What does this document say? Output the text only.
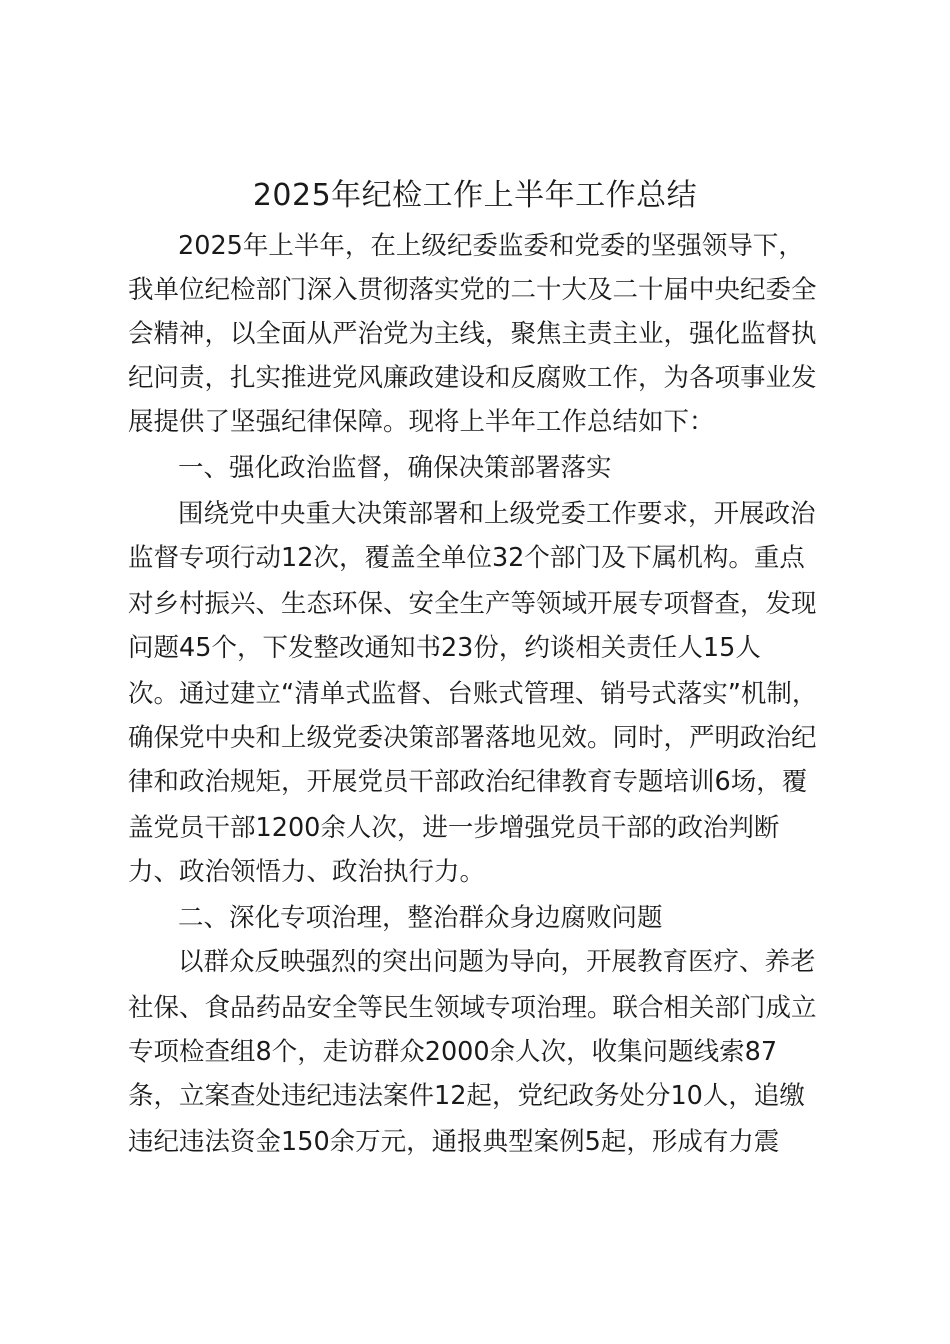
2025年纪检工作上半年工作总结
2025年上半年，在上级纪委监委和党委的坚强领导下，
我单位纪检部门深入贯彻落实党的二十大及二十届中央纪委全
会精神，以全面从严治党为主线，聚焦主责主业，强化监督执
纪问责，扎实推进党风廉政建设和反腐败工作，为各项事业发
展提供了坚强纪律保障。现将上半年工作总结如下：
一、强化政治监督，确保决策部署落实
围绕党中央重大决策部署和上级党委工作要求，开展政治
监督专项行动12次，覆盖全单位32个部门及下属机构。重点
对乡村振兴、生态环保、安全生产等领域开展专项督查，发现
问题45个，下发整改通知书23份，约谈相关责任人15人
次。通过建立“清单式监督、台账式管理、销号式落实”机制，
确保党中央和上级党委决策部署落地见效。同时，严明政治纪
律和政治规矩，开展党员干部政治纪律教育专题培训6场，覆
盖党员干部1200余人次，进一步增强党员干部的政治判断
力、政治领悟力、政治执行力。
二、深化专项治理，整治群众身边腐败问题
以群众反映强烈的突出问题为导向，开展教育医疗、养老
社保、食品药品安全等民生领域专项治理。联合相关部门成立
专项检查组8个，走访群众2000余人次，收集问题线索87
条，立案查处违纪违法案件12起，党纪政务处分10人，追缴
违纪违法资金150余万元，通报典型案例5起，形成有力震
